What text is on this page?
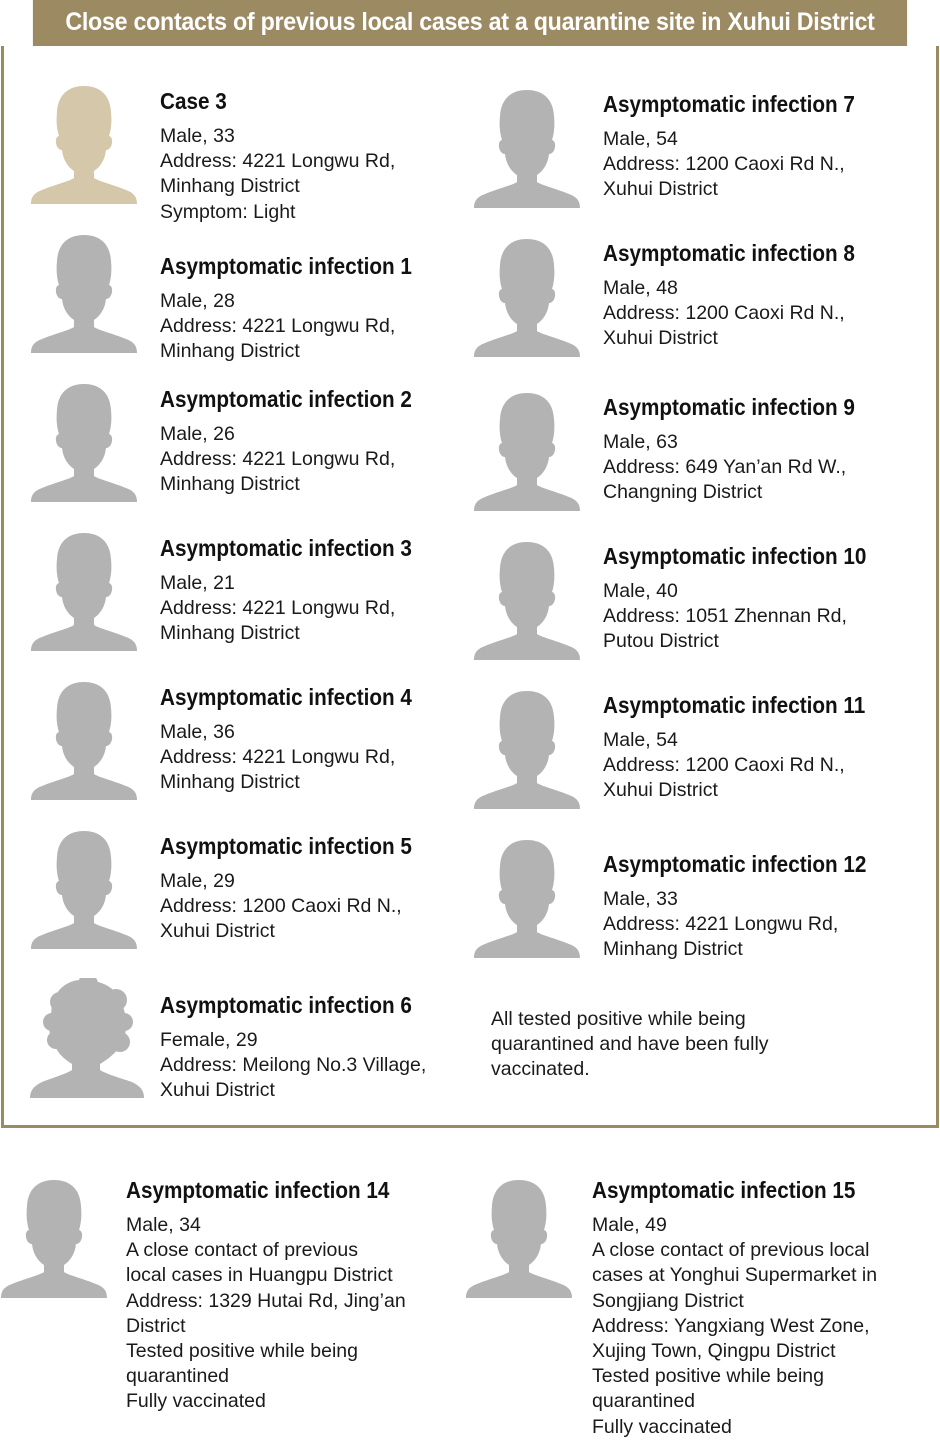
Close contacts of previous local cases at a quarantine site in Xuhui District
Case 3
Male, 33
Address: 4221 Longwu Rd,
Minhang District
Symptom: Light
Asymptomatic infection 1
Male, 28
Address: 4221 Longwu Rd,
Minhang District
Asymptomatic infection 2
Male, 26
Address: 4221 Longwu Rd,
Minhang District
Asymptomatic infection 3
Male, 21
Address: 4221 Longwu Rd,
Minhang District
Asymptomatic infection 4
Male, 36
Address: 4221 Longwu Rd,
Minhang District
Asymptomatic infection 5
Male, 29
Address: 1200 Caoxi Rd N.,
Xuhui District
Asymptomatic infection 6
Female, 29
Address: Meilong No.3 Village,
Xuhui District
Asymptomatic infection 7
Male, 54
Address: 1200 Caoxi Rd N.,
Xuhui District
Asymptomatic infection 8
Male, 48
Address: 1200 Caoxi Rd N.,
Xuhui District
Asymptomatic infection 9
Male, 63
Address: 649 Yan’an Rd W.,
Changning District
Asymptomatic infection 10
Male, 40
Address: 1051 Zhennan Rd,
Putou District
Asymptomatic infection 11
Male, 54
Address: 1200 Caoxi Rd N.,
Xuhui District
Asymptomatic infection 12
Male, 33
Address: 4221 Longwu Rd,
Minhang District
Asymptomatic infection 14
Male, 34
A close contact of previous
local cases in Huangpu District
Address: 1329 Hutai Rd, Jing’an
District
Tested positive while being
quarantined
Fully vaccinated
Asymptomatic infection 15
Male, 49
A close contact of previous local
cases at Yonghui Supermarket in
Songjiang District
Address: Yangxiang West Zone,
Xujing Town, Qingpu District
Tested positive while being
quarantined
Fully vaccinated
All tested positive while being
quarantined and have been fully
vaccinated.
